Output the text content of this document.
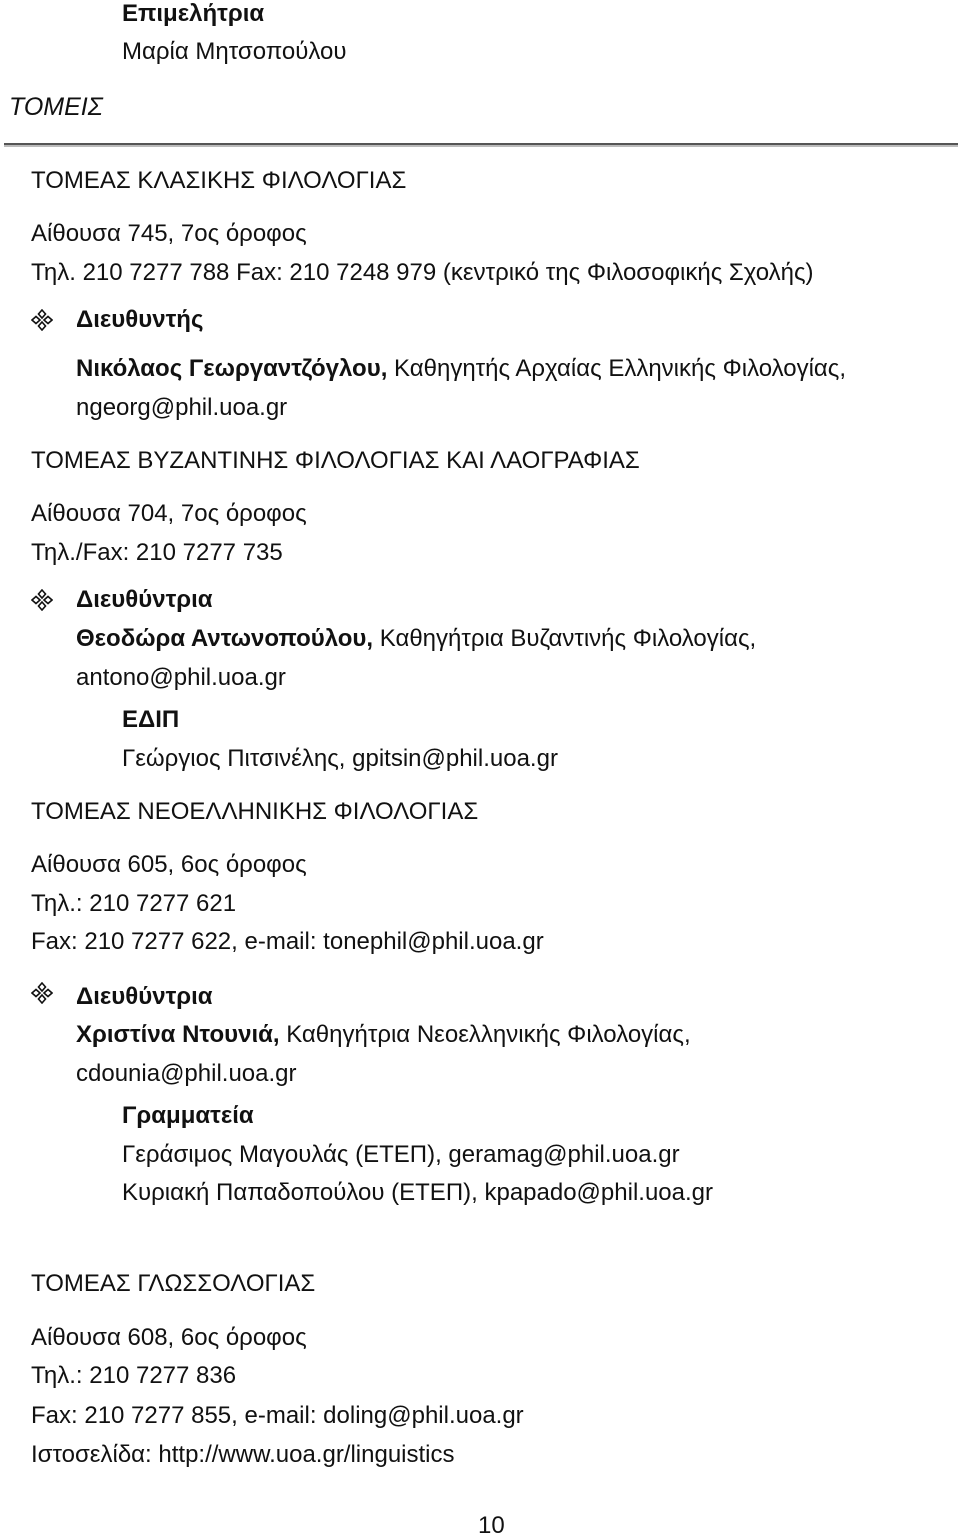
Επιμελήτρια
Μαρία Μητσοπούλου
ΤΟΜΕΙΣ
ΤΟΜΕΑΣ ΚΛΑΣΙΚΗΣ ΦΙΛΟΛΟΓΙΑΣ
Αίθουσα 745, 7ος όροφος
Τηλ. 210 7277 788 Fax: 210 7248 979 (κεντρικό της Φιλοσοφικής Σχολής)
Διευθυντής
Νικόλαος Γεωργαντζόγλου, Καθηγητής Αρχαίας Ελληνικής Φιλολογίας,
ngeorg@phil.uoa.gr
ΤΟΜΕΑΣ ΒΥΖΑΝΤΙΝΗΣ ΦΙΛΟΛΟΓΙΑΣ ΚΑΙ ΛΑΟΓΡΑΦΙΑΣ
Αίθουσα 704, 7ος όροφος
Τηλ./Fax: 210 7277 735
Διευθύντρια
Θεοδώρα Αντωνοπούλου, Καθηγήτρια Βυζαντινής Φιλολογίας,
antono@phil.uoa.gr
ΕΔΙΠ
Γεώργιος Πιτσινέλης, gpitsin@phil.uoa.gr
ΤΟΜΕΑΣ ΝΕΟΕΛΛΗΝΙΚΗΣ ΦΙΛΟΛΟΓΙΑΣ
Αίθουσα 605, 6ος όροφος
Τηλ.: 210 7277 621
Fax: 210 7277 622, e-mail: tonephil@phil.uoa.gr
Διευθύντρια
Χριστίνα Ντουνιά, Καθηγήτρια Νεοελληνικής Φιλολογίας,
cdounia@phil.uoa.gr
Γραμματεία
Γεράσιμος Μαγουλάς (ΕΤΕΠ), geramag@phil.uoa.gr
Κυριακή Παπαδοπούλου (ΕΤΕΠ), kpapado@phil.uoa.gr
ΤΟΜΕΑΣ ΓΛΩΣΣΟΛΟΓΙΑΣ
Αίθουσα 608, 6ος όροφος
Τηλ.: 210 7277 836
Fax: 210 7277 855, e-mail: doling@phil.uoa.gr
Ιστοσελίδα: http://www.uoa.gr/linguistics
10
